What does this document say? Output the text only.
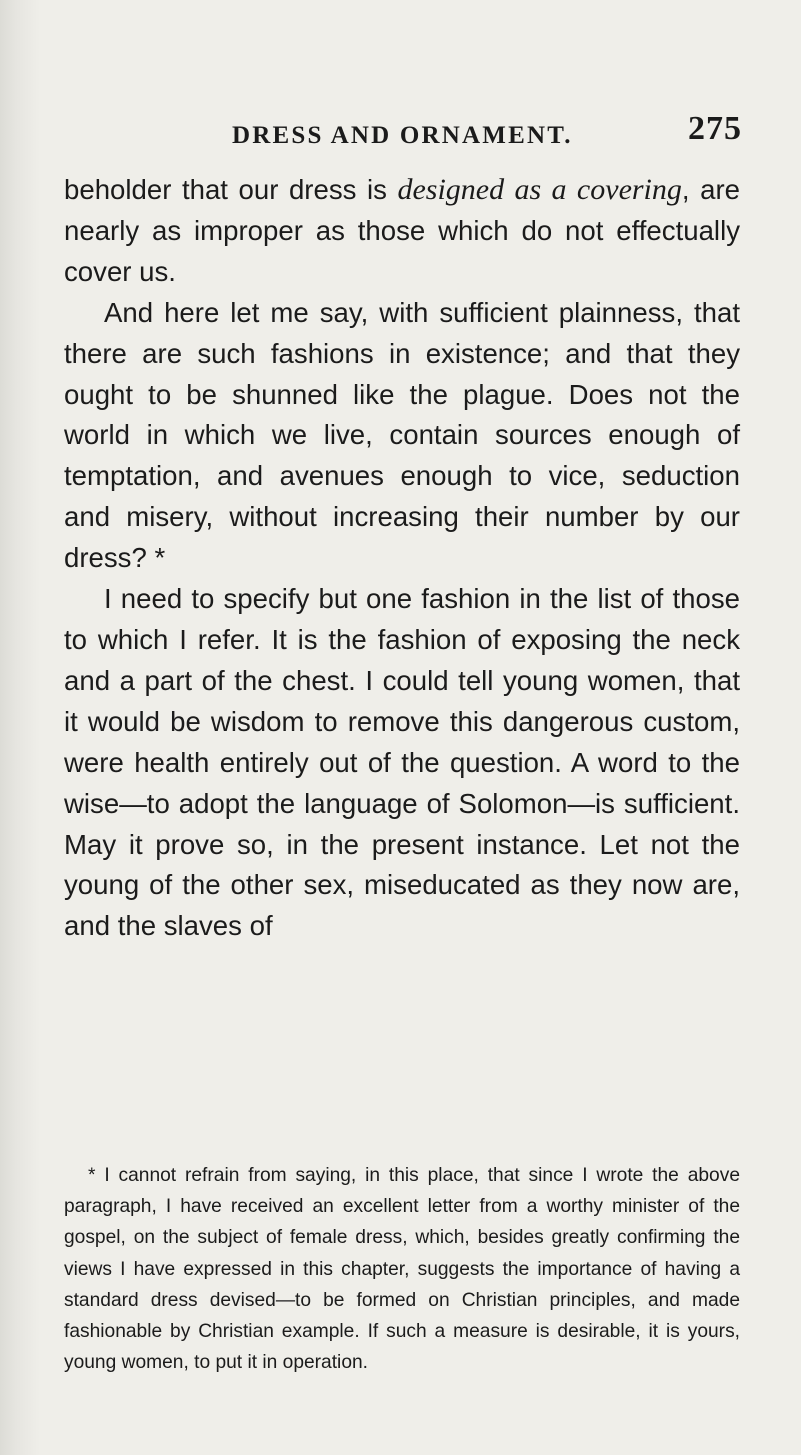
DRESS AND ORNAMENT.	275

beholder that our dress is designed as a covering, are nearly as improper as those which do not effectually cover us.

And here let me say, with sufficient plainness, that there are such fashions in existence; and that they ought to be shunned like the plague. Does not the world in which we live, contain sources enough of temptation, and avenues enough to vice, seduction and misery, without increasing their number by our dress? *

I need to specify but one fashion in the list of those to which I refer. It is the fashion of exposing the neck and a part of the chest. I could tell young women, that it would be wisdom to remove this dangerous custom, were health entirely out of the question. A word to the wise—to adopt the language of Solomon—is sufficient. May it prove so, in the present instance. Let not the young of the other sex, miseducated as they now are, and the slaves of

* I cannot refrain from saying, in this place, that since I wrote the above paragraph, I have received an excellent letter from a worthy minister of the gospel, on the subject of female dress, which, besides greatly confirming the views I have expressed in this chapter, suggests the importance of having a standard dress devised—to be formed on Christian principles, and made fashionable by Christian example. If such a measure is desirable, it is yours, young women, to put it in operation.
